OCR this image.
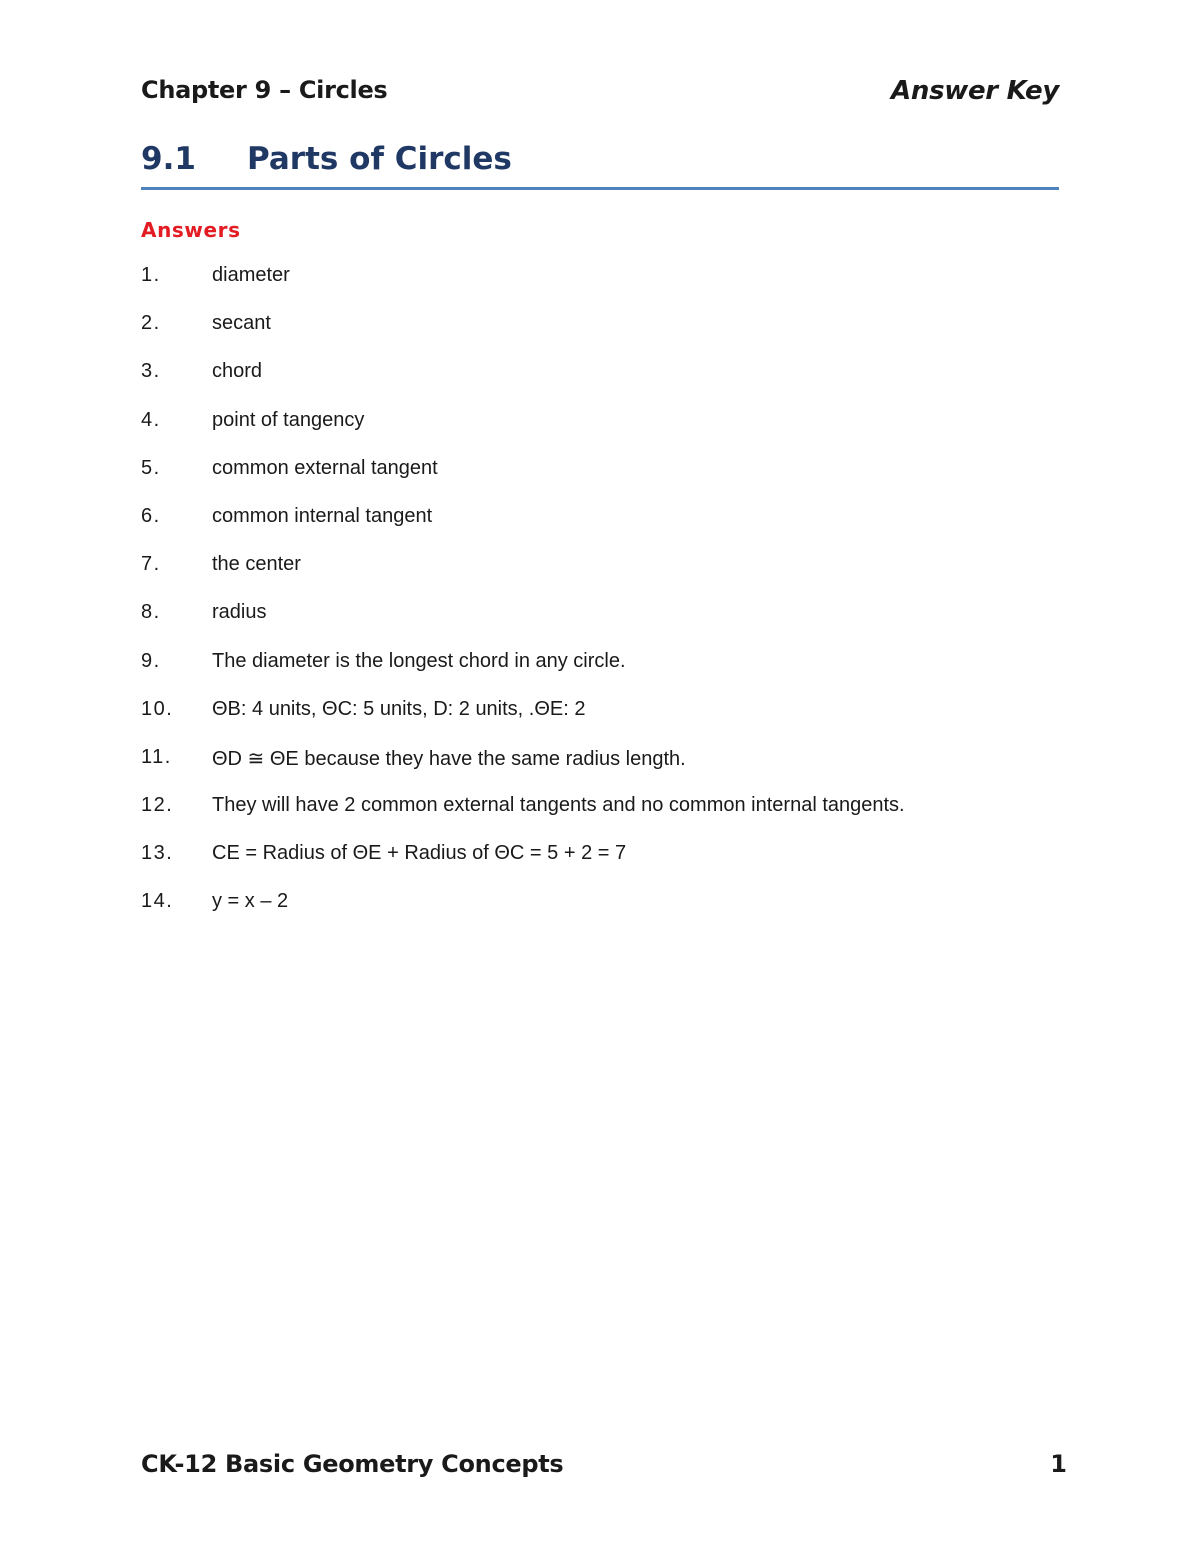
Chapter 9 – Circles	Answer Key
9.1 Parts of Circles
Answers
1.	diameter
2.	secant
3.	chord
4.	point of tangency
5.	common external tangent
6.	common internal tangent
7.	the center
8.	radius
9.	The diameter is the longest chord in any circle.
10. ΘB: 4 units, ΘC: 5 units, D: 2 units, .ΘE: 2
11. ΘD ≅ ΘE because they have the same radius length.
12. They will have 2 common external tangents and no common internal tangents.
13. CE = Radius of ΘE + Radius of ΘC = 5 + 2 = 7
14. y = x – 2
CK-12 Basic Geometry Concepts	1
